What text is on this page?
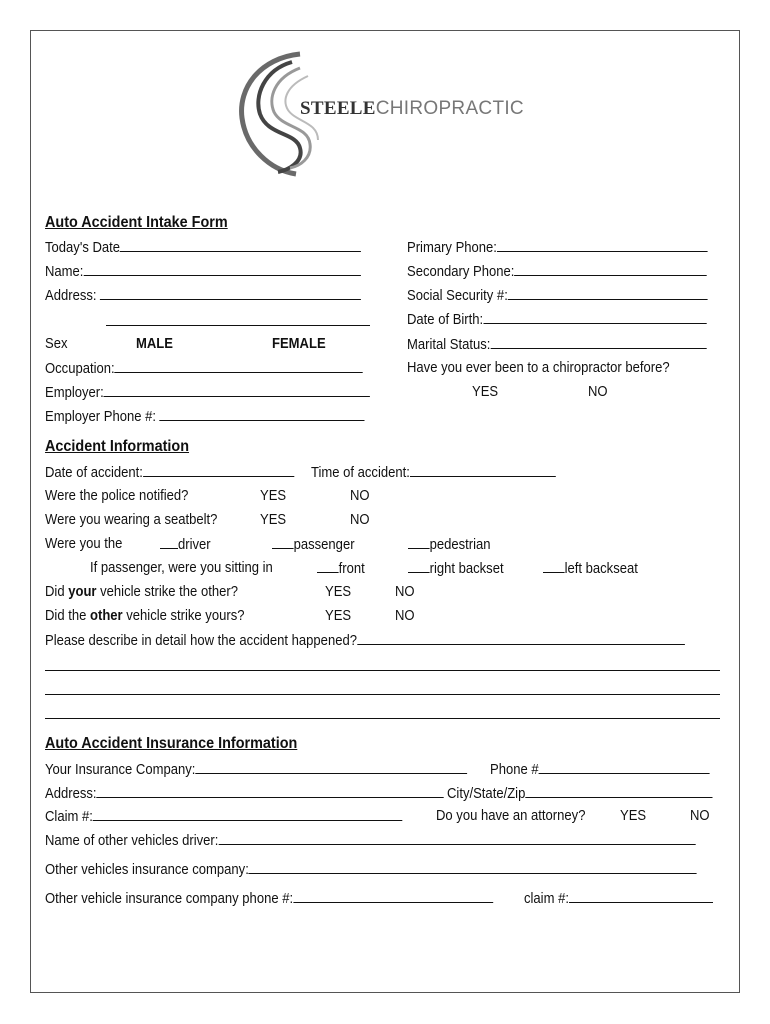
STEELECHIROPRACTIC
Auto Accident Intake Form
Today's Date
Name:
Address:
Sex	MALE	FEMALE
Occupation:
Employer:
Employer Phone #:
Primary Phone:
Secondary Phone:
Social Security #:
Date of Birth:
Marital Status:
Have you ever been to a chiropractor before?
YES	NO
Accident Information
Date of accident:	Time of accident:
Were the police notified?	YES	NO
Were you wearing a seatbelt?	YES	NO
Were you the	driver	passenger	pedestrian
If passenger, were you sitting in	front	right backset	left backseat
Did your vehicle strike the other?	YES	NO
Did the other vehicle strike yours?	YES	NO
Please describe in detail how the accident happened?
Auto Accident Insurance Information
Your Insurance Company:	Phone #
Address:	City/State/Zip
Claim #:	Do you have an attorney? YES	NO
Name of other vehicles driver:
Other vehicles insurance company:
Other vehicle insurance company phone #:	claim #:
